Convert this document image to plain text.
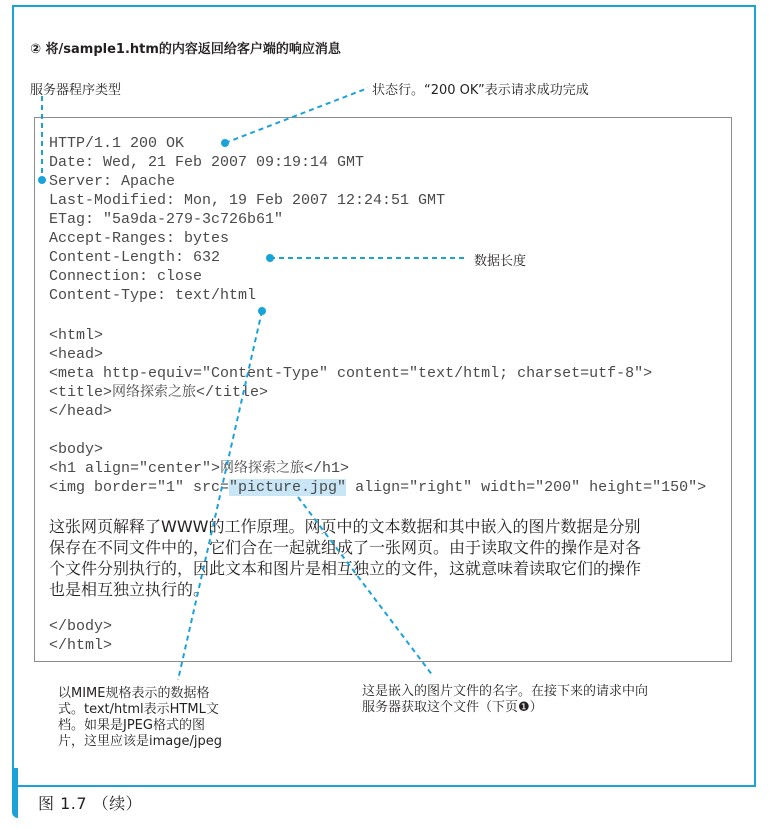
图 1.7 （续）
② 将/sample1.htm的内容返回给客户端的响应消息
服务器程序类型	状态行。“200 OK”表示请求成功完成
数据长度
HTTP/1.1 200 OK
Date: Wed, 21 Feb 2007 09:19:14 GMT
Server: Apache
Last-Modified: Mon, 19 Feb 2007 12:24:51 GMT
ETag: "5a9da-279-3c726b61"
Accept-Ranges: bytes
Content-Length: 632
Connection: close
Content-Type: text/html
<html>
<head>
<meta http-equiv="Content-Type" content="text/html; charset=utf-8">
<title>网络探索之旅</title>
</head>
<body>
<h1 align="center">网络探索之旅</h1>
<img border="1" src="picture.jpg" align="right" width="200" height="150">
这张网页解释了WWW的工作原理。网页中的文本数据和其中嵌入的图片数据是分别
保存在不同文件中的，它们合在一起就组成了一张网页。由于读取文件的操作是对各
个文件分别执行的，因此文本和图片是相互独立的文件，这就意味着读取它们的操作
也是相互独立执行的。
</body>
</html>
以MIME规格表示的数据格
式。text/html表示HTML文
档。如果是JPEG格式的图
片，这里应该是image/jpeg
这是嵌入的图片文件的名字。在接下来的请求中向
服务器获取这个文件（下页❶）
